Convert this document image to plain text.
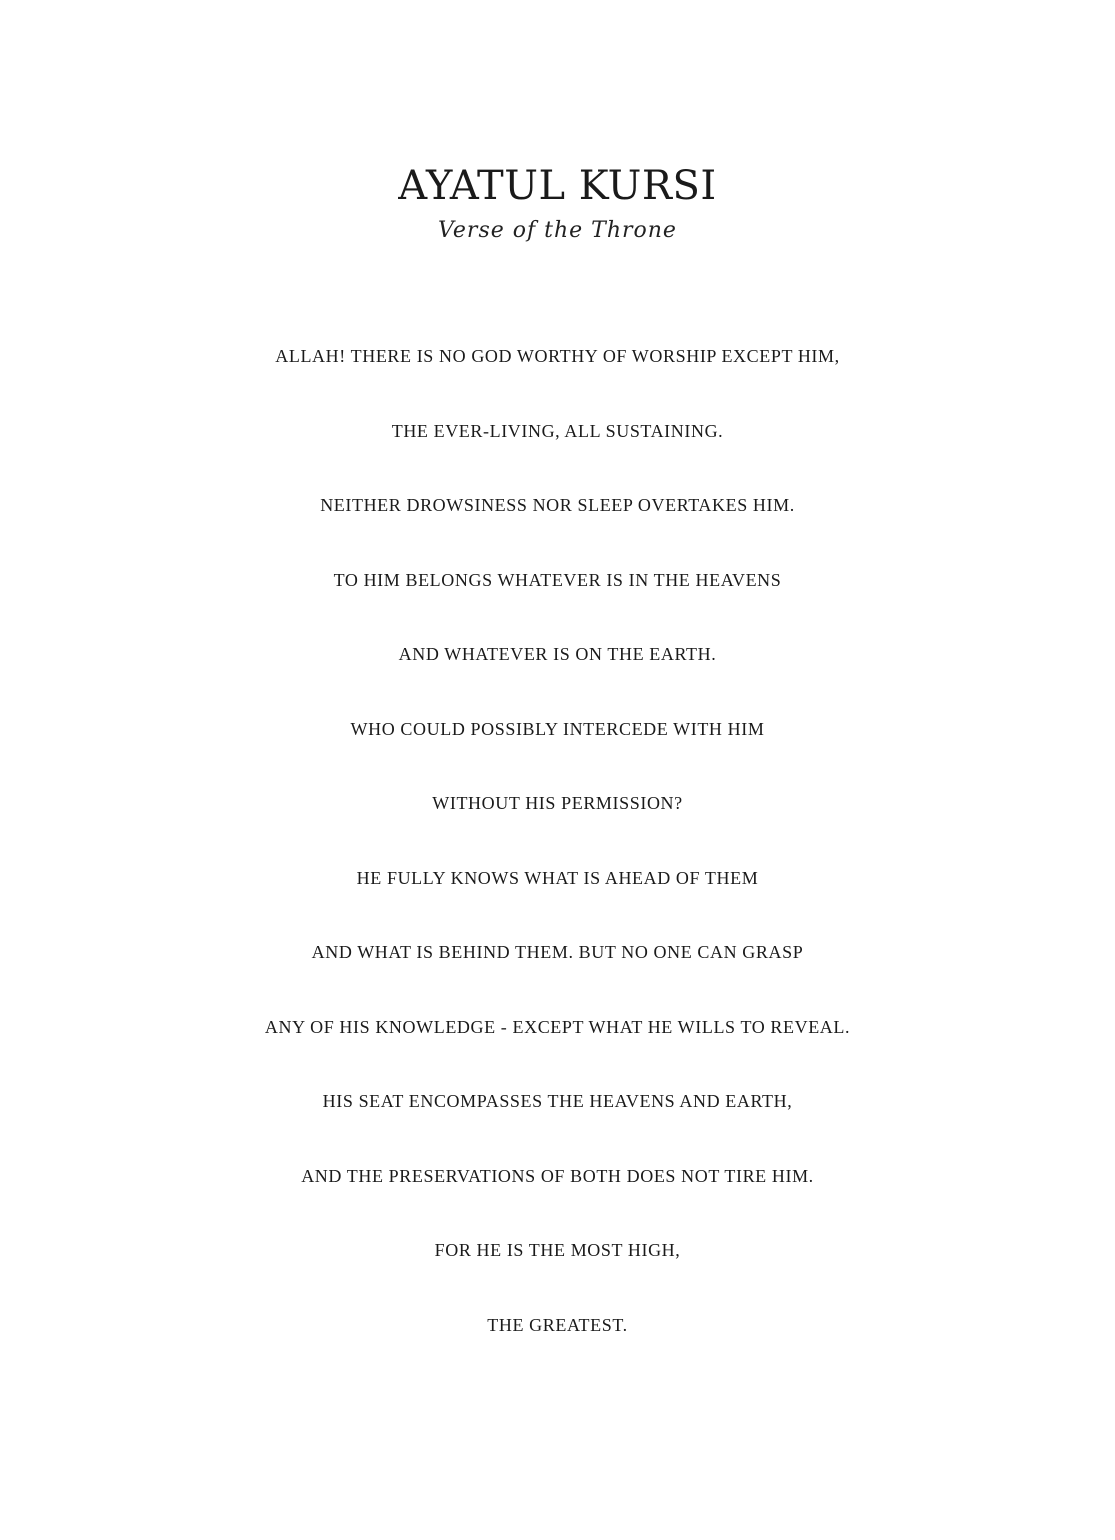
AYATUL KURSI

Verse of the Throne

ALLAH! THERE IS NO GOD WORTHY OF WORSHIP EXCEPT HIM,
THE EVER-LIVING, ALL SUSTAINING.
NEITHER DROWSINESS NOR SLEEP OVERTAKES HIM.
TO HIM BELONGS WHATEVER IS IN THE HEAVENS
AND WHATEVER IS ON THE EARTH.
WHO COULD POSSIBLY INTERCEDE WITH HIM
WITHOUT HIS PERMISSION?
HE FULLY KNOWS WHAT IS AHEAD OF THEM
AND WHAT IS BEHIND THEM. BUT NO ONE CAN GRASP
ANY OF HIS KNOWLEDGE - EXCEPT WHAT HE WILLS TO REVEAL.
HIS SEAT ENCOMPASSES THE HEAVENS AND EARTH,
AND THE PRESERVATIONS OF BOTH DOES NOT TIRE HIM.
FOR HE IS THE MOST HIGH,
THE GREATEST.
